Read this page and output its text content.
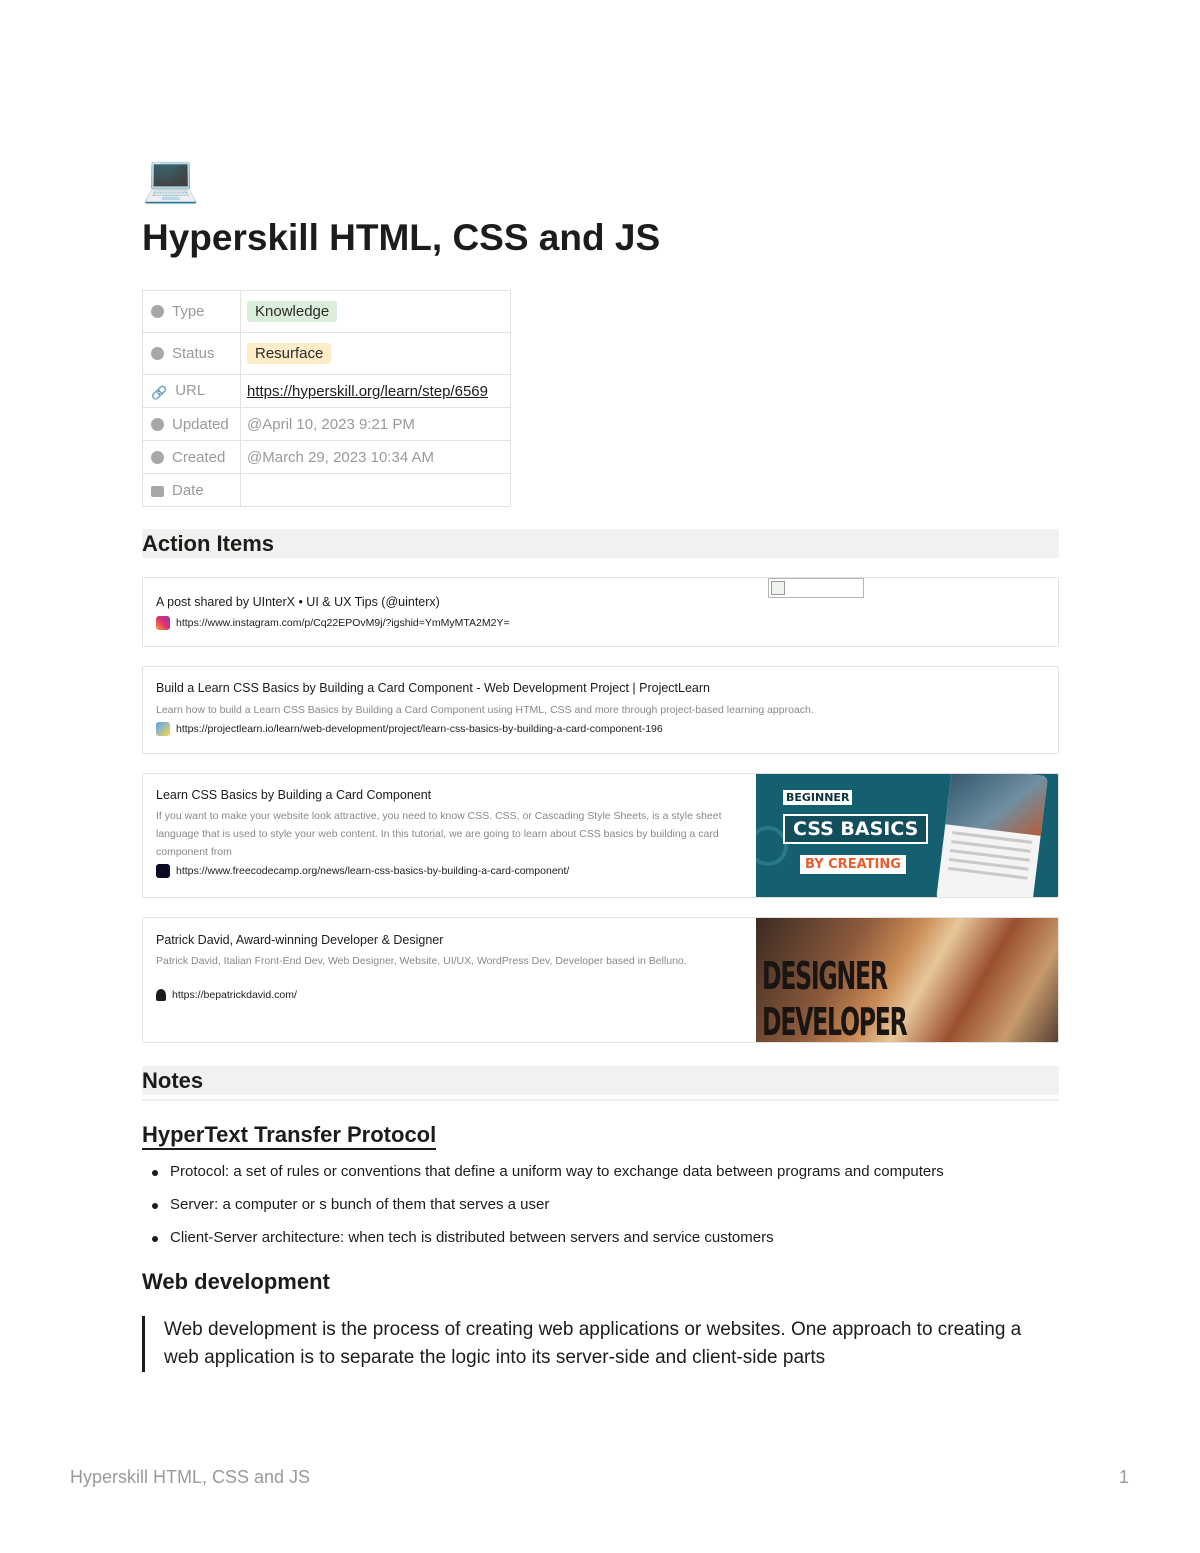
💻
Hyperskill HTML, CSS and JS
Type	Knowledge
Status	Resurface
🔗 URL	https://hyperskill.org/learn/step/6569
Updated	@April 10, 2023 9:21 PM
Created	@March 29, 2023 10:34 AM
Date	
Action Items
A post shared by UInterX • UI & UX Tips (@uinterx)
https://www.instagram.com/p/Cq22EPOvM9j/?igshid=YmMyMTA2M2Y=
Build a Learn CSS Basics by Building a Card Component - Web Development Project | ProjectLearn
Learn how to build a Learn CSS Basics by Building a Card Component using HTML, CSS and more through project-based learning approach.
https://projectlearn.io/learn/web-development/project/learn-css-basics-by-building-a-card-component-196
Learn CSS Basics by Building a Card Component
If you want to make your website look attractive, you need to know CSS. CSS, or Cascading Style Sheets, is a style sheet language that is used to style your web content. In this tutorial, we are going to learn about CSS basics by building a card component from
https://www.freecodecamp.org/news/learn-css-basics-by-building-a-card-component/
BEGINNER
CSS BASICS
BY CREATING
Patrick David, Award-winning Developer & Designer
Patrick David, Italian Front-End Dev, Web Designer, Website, UI/UX, WordPress Dev, Developer based in Belluno.
https://bepatrickdavid.com/	DESIGNER
DEVELOPER
Notes
HyperText Transfer Protocol
Protocol: a set of rules or conventions that define a uniform way to exchange data between programs and computers
Server: a computer or s bunch of them that serves a user
Client-Server architecture: when tech is distributed between servers and service customers
Web development
Web development is the process of creating web applications or websites. One approach to creating a web application is to separate the logic into its server-side and client-side parts
Hyperskill HTML, CSS and JS	1
